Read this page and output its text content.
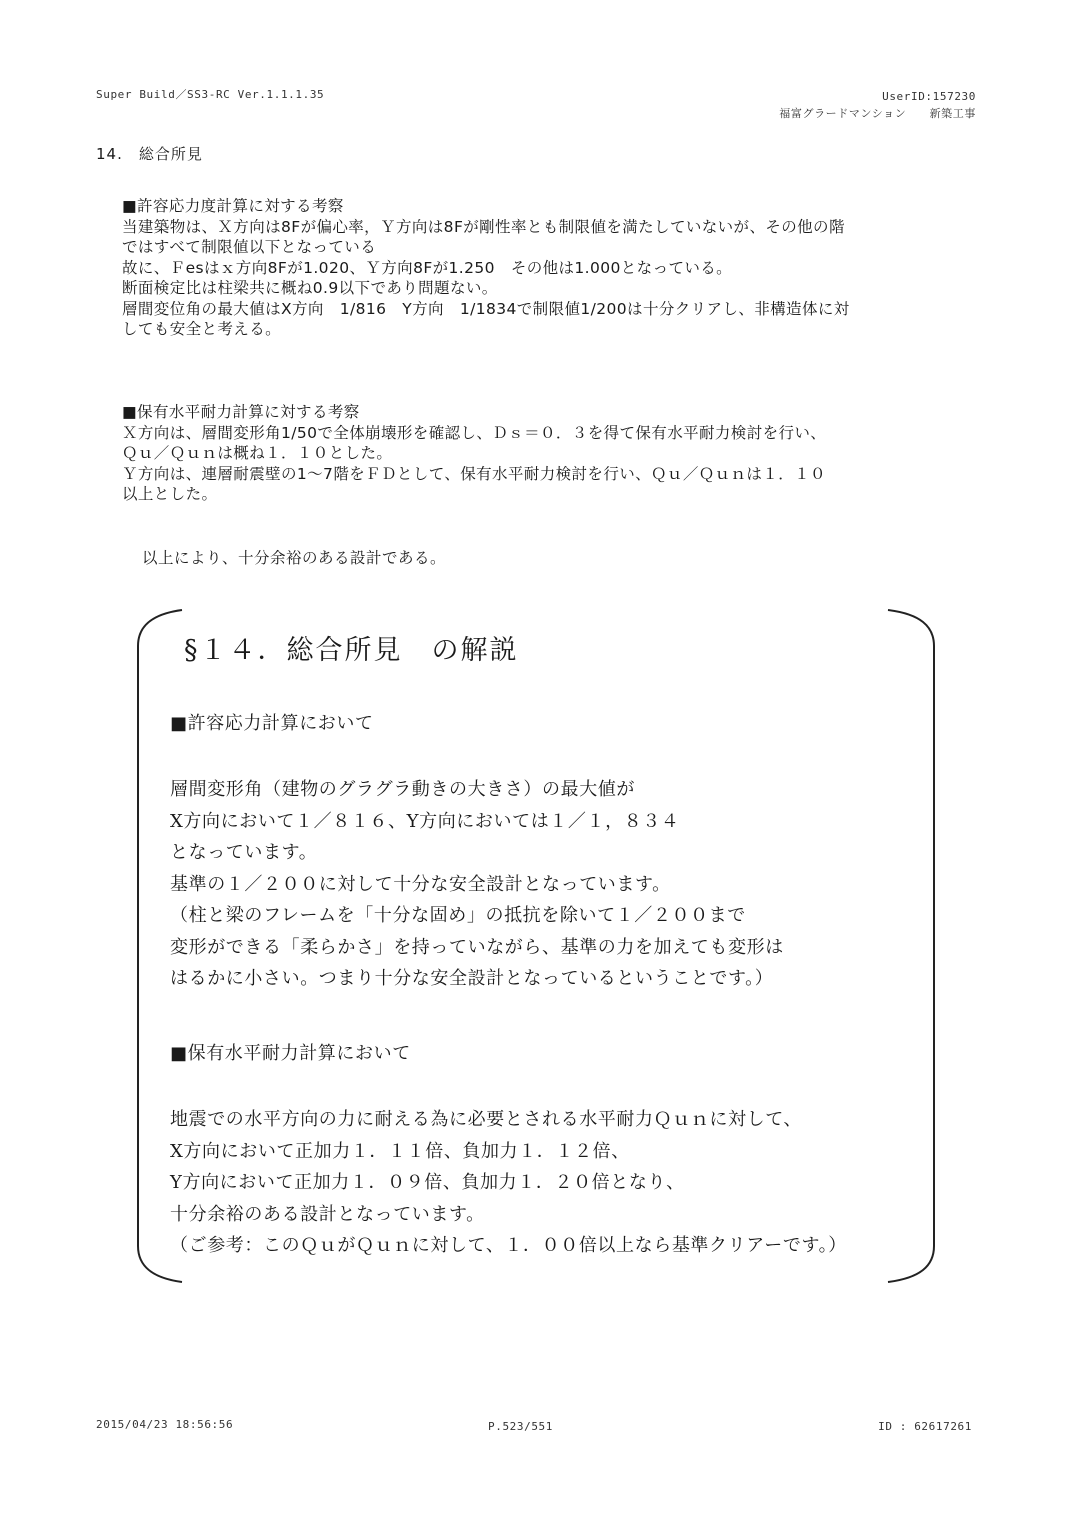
Super Build／SS3-RC Ver.1.1.1.35	UserID:157230
福富グラードマンション　　新築工事
14.　総合所見
■許容応力度計算に対する考察
当建築物は、Ｘ方向は8Fが偏心率，Ｙ方向は8Fが剛性率とも制限値を満たしていないが、その他の階
ではすべて制限値以下となっている
故に、Ｆesはｘ方向8Fが1.020、Ｙ方向8Fが1.250　その他は1.000となっている。
断面検定比は柱梁共に概ね0.9以下であり問題ない。
層間変位角の最大値はX方向　1/816　Y方向　1/1834で制限値1/200は十分クリアし、非構造体に対
しても安全と考える。
■保有水平耐力計算に対する考察
Ｘ方向は、層間変形角1/50で全体崩壊形を確認し、Ｄｓ＝０．３を得て保有水平耐力検討を行い、
Ｑｕ／Ｑｕｎは概ね１．１０とした。
Ｙ方向は、連層耐震壁の1～7階をＦＤとして、保有水平耐力検討を行い、Ｑｕ／Ｑｕｎは１．１０
以上とした。
以上により、十分余裕のある設計である。
§１４．総合所見　の解説
■許容応力計算において
層間変形角（建物のグラグラ動きの大きさ）の最大値が
X方向において１／８１６、Y方向においては１／１，８３４
となっています。
基準の１／２００に対して十分な安全設計となっています。
（柱と梁のフレームを「十分な固め」の抵抗を除いて１／２００まで
変形ができる「柔らかさ」を持っていながら、基準の力を加えても変形は
はるかに小さい。つまり十分な安全設計となっているということです。）
■保有水平耐力計算において
地震での水平方向の力に耐える為に必要とされる水平耐力Ｑｕｎに対して、
X方向において正加力１．１１倍、負加力１．１２倍、
Y方向において正加力１．０９倍、負加力１．２０倍となり、
十分余裕のある設計となっています。
（ご参考：このＱｕがＱｕｎに対して、１．００倍以上なら基準クリアーです。）
2015/04/23 18:56:56	P.523/551	ID : 62617261
